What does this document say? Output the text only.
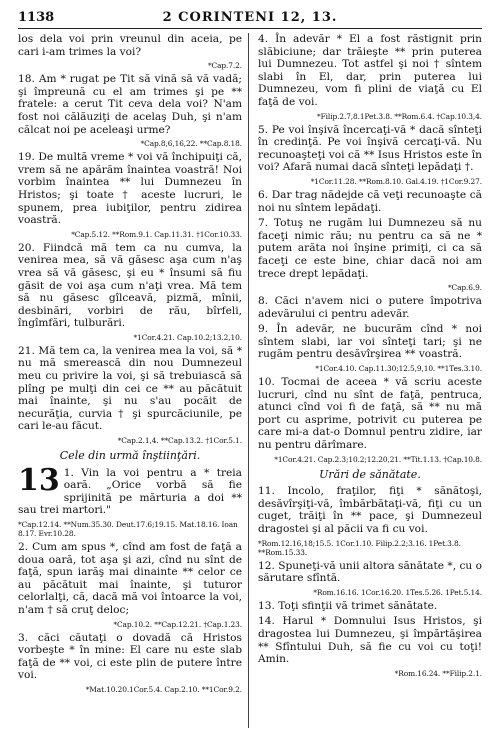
1138	2 CORINTENI 12, 13.

los dela voi prin vreunul din aceia, pe cari i-am trimes la voi?

*Cap.7.2.

18. Am * rugat pe Tit să vină să vă vadă; şi împreună cu el am trimes şi pe ** fratele: a cerut Tit ceva dela voi? N'am fost noi călăuziţi de acelaş Duh, şi n'am călcat noi pe aceleaşi urme?

*Cap.8,6,16,22. **Cap.8.18.

19. De multă vreme * voi vă închipuiţi că, vrem să ne apărăm înaintea voastră! Noi vorbim înaintea ** lui Dumnezeu în Hristos; şi toate † aceste lucruri, le spunem, prea iubiţilor, pentru zidirea voastră.

*Cap.5.12. **Rom.9.1. Cap.11.31. †1Cor.10.33.

20. Fiindcă mă tem ca nu cumva, la venirea mea, să vă găsesc aşa cum n'aş vrea să vă găsesc, şi eu * însumi să fiu găsit de voi aşa cum n'aţi vrea. Mă tem să nu găsesc gîlceavă, pizmă, mînii, desbinări, vorbiri de rău, bîrfeli, îngîmfări, tulburări.

*1Cor.4.21. Cap.10.2;13.2,10.

21. Mă tem ca, la venirea mea la voi, să * nu mă smerească din nou Dumnezeul meu cu privire la voi, şi să trebuiască să plîng pe mulţi din cei ce ** au păcătuit mai înainte, şi nu s'au pocăit de necurăţia, curvia † şi spurcăciunile, pe cari le-au făcut.

*Cap.2.1,4. **Cap.13.2. †1Cor.5.1.
Cele din urmă înştiinţări.

13 1. Vin la voi pentru a * treia oară. „Orice vorbă să fie sprijinită pe mărturia a doi ** sau trei martori."

*Cap.12.14. **Num.35.30. Deut.17.6;19.15. Mat.18.16. Ioan 8.17. Evr.10.28.

2. Cum am spus *, cînd am fost de faţă a doua oară, tot aşa şi azi, cînd nu sînt de faţă, spun iarăş mai dinainte ** celor ce au păcătuit mai înainte, şi tuturor celorlalţi, că, dacă mă voi întoarce la voi, n'am † să cruţ deloc;

*Cap.10.2. **Cap.12.21. †Cap.1.23.

3. căci căutaţi o dovadă că Hristos vorbeşte * în mine: El care nu este slab faţă de ** voi, ci este plin de putere între voi.

*Mat.10.20.1Cor.5.4. Cap.2.10. **1Cor.9.2.

4. În adevăr * El a fost răstignit prin slăbiciune; dar trăieşte ** prin puterea lui Dumnezeu. Tot astfel şi noi † sîntem slabi în El, dar, prin puterea lui Dumnezeu, vom fi plini de viaţă cu El faţă de voi.

*Filip.2.7,8.1Pet.3.8. **Rom.6.4. †Cap.10.3,4.

5. Pe voi înşivă încercaţi-vă * dacă sînteţi în credinţă. Pe voi înşivă cercaţi-vă. Nu recunoaşteţi voi că ** Isus Hristos este în voi? Afară numai dacă sînteţi lepădaţi †.

*1Cor.11.28. **Rom.8.10. Gal.4.19. †1Cor.9.27.

6. Dar trag nădejde că veţi recunoaşte că noi nu sîntem lepădaţi.

7. Totuş ne rugăm lui Dumnezeu să nu faceţi nimic rău; nu pentru ca să ne * putem arăta noi înşine primiţi, ci ca să faceţi ce este bine, chiar dacă noi am trece drept lepădaţi.

*Cap.6.9.

8. Căci n'avem nici o putere împotriva adevărului ci pentru adevăr.

9. În adevăr, ne bucurăm cînd * noi sîntem slabi, iar voi sînteţi tari; şi ne rugăm pentru desăvîrşirea ** voastră.

*1Cor.4.10. Cap.11.30;12.5,9,10. **1Tes.3.10.

10. Tocmai de aceea * vă scriu aceste lucruri, cînd nu sînt de faţă, pentruca, atunci cînd voi fi de faţă, să ** nu mă port cu asprime, potrivit cu puterea pe care mi-a dat-o Domnul pentru zidire, iar nu pentru dărîmare.

*1Cor.4.21. Cap.2.3;10.2;12.20,21. **Tit.1.13. †Cap.10.8.
Urări de sănătate.

11. Incolo, fraţilor, fiţi * sănătoşi, desăvîrşiţi-vă, îmbărbătaţi-vă, fiţi cu un cuget, trăiţi în ** pace, şi Dumnezeul dragostei şi al păcii va fi cu voi.

*Rom.12.16,18;15.5. 1Cor.1.10. Filip.2.2;3.16. 1Pet.3.8. **Rom.15.33.

12. Spuneţi-vă unii altora sănătate *, cu o sărutare sfîntă.

*Rom.16.16. 1Cor.16.20. 1Tes.5.26. 1Pet.5.14.

13. Toţi sfinţii vă trimet sănătate.

14. Harul * Domnului Isus Hristos, şi dragostea lui Dumnezeu, şi împărtăşirea ** Sfîntului Duh, să fie cu voi cu toţi! Amin.

*Rom.16.24. **Filip.2.1.
